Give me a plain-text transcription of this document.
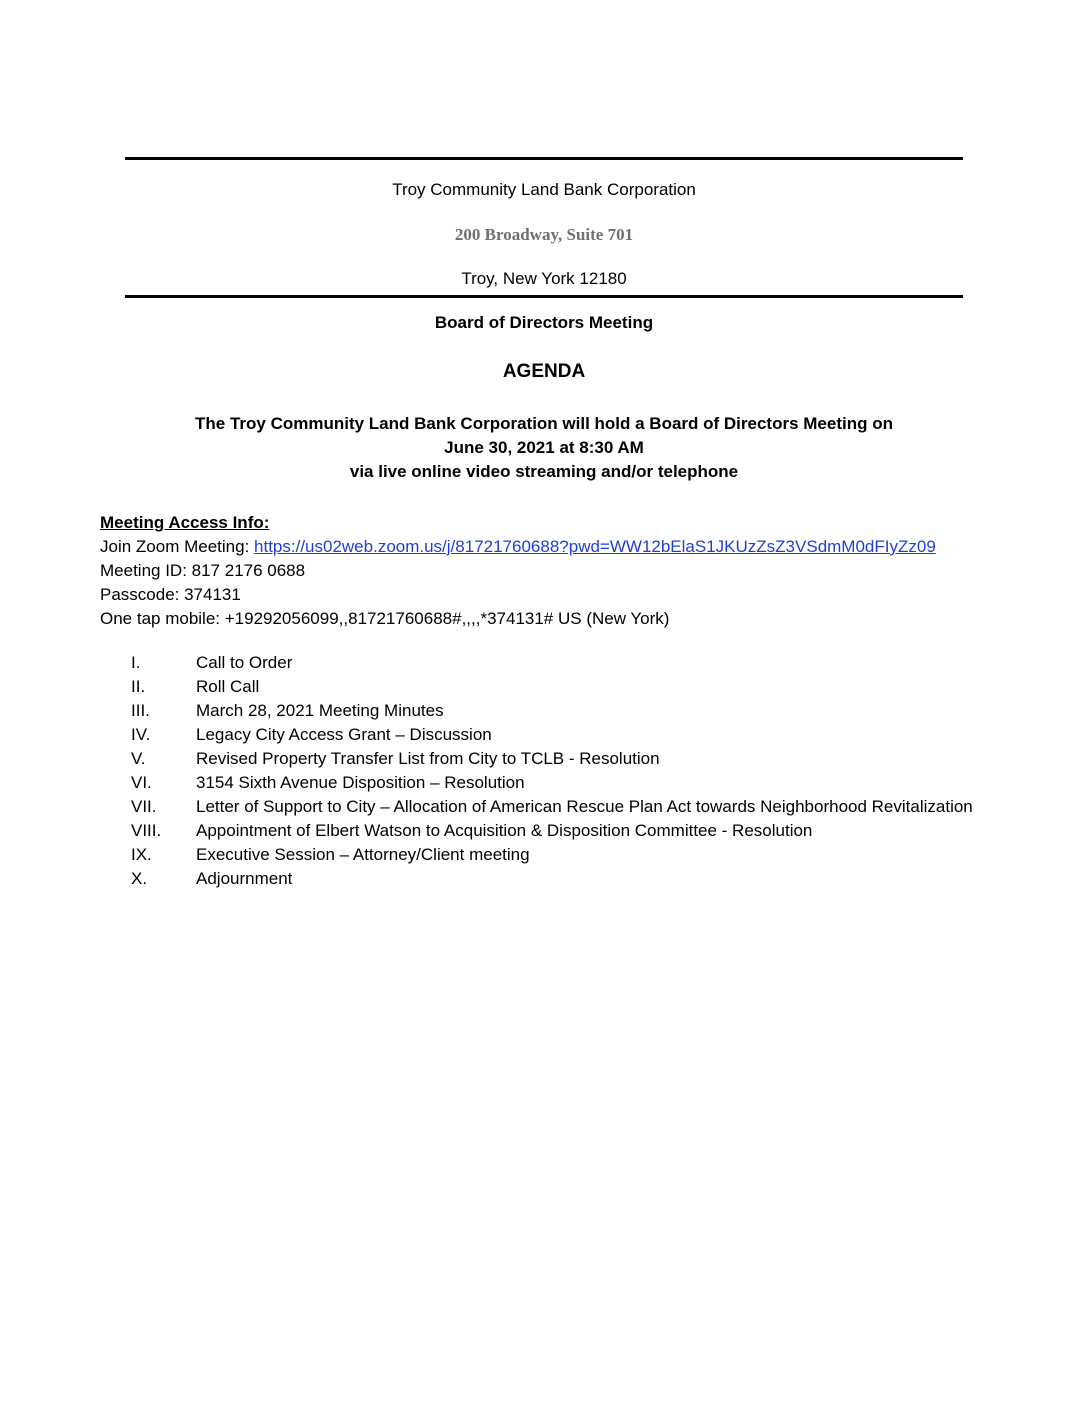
Troy Community Land Bank Corporation
200 Broadway, Suite 701
Troy, New York 12180
Board of Directors Meeting
AGENDA
The Troy Community Land Bank Corporation will hold a Board of Directors Meeting on
June 30, 2021 at 8:30 AM
via live online video streaming and/or telephone
Meeting Access Info:
Join Zoom Meeting: https://us02web.zoom.us/j/81721760688?pwd=WW12bElaS1JKUzZsZ3VSdmM0dFIyZz09
Meeting ID: 817 2176 0688
Passcode: 374131
One tap mobile: +19292056099,,81721760688#,,,,*374131# US (New York)
I.	Call to Order
II.	Roll Call
III.	March 28, 2021 Meeting Minutes
IV.	Legacy City Access Grant – Discussion
V.	Revised Property Transfer List from City to TCLB - Resolution
VI.	3154 Sixth Avenue Disposition – Resolution
VII.	Letter of Support to City – Allocation of American Rescue Plan Act towards Neighborhood Revitalization
VIII.	Appointment of Elbert Watson to Acquisition & Disposition Committee - Resolution
IX.	Executive Session – Attorney/Client meeting
X.	Adjournment
